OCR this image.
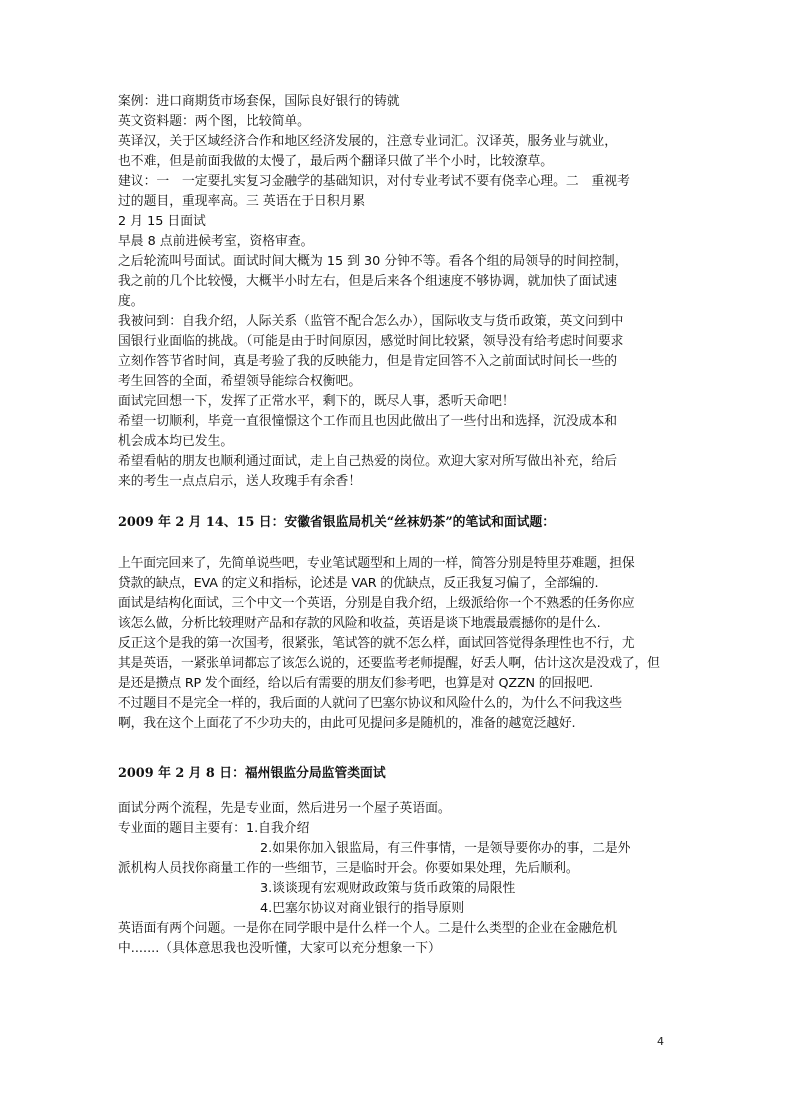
案例：进口商期货市场套保，国际良好银行的铸就
英文资料题：两个图，比较简单。
英译汉，关于区域经济合作和地区经济发展的，注意专业词汇。汉译英，服务业与就业，
也不难，但是前面我做的太慢了，最后两个翻译只做了半个小时，比较潦草。
建议：一　一定要扎实复习金融学的基础知识，对付专业考试不要有侥幸心理。二　重视考
过的题目，重现率高。三 英语在于日积月累
2 月 15 日面试
早晨 8 点前进候考室，资格审查。
之后轮流叫号面试。面试时间大概为 15 到 30 分钟不等。看各个组的局领导的时间控制，
我之前的几个比较慢，大概半小时左右，但是后来各个组速度不够协调，就加快了面试速
度。
我被问到：自我介绍，人际关系（监管不配合怎么办），国际收支与货币政策，英文问到中
国银行业面临的挑战。（可能是由于时间原因，感觉时间比较紧，领导没有给考虑时间要求
立刻作答节省时间，真是考验了我的反映能力，但是肯定回答不入之前面试时间长一些的
考生回答的全面，希望领导能综合权衡吧。
面试完回想一下，发挥了正常水平，剩下的，既尽人事，悉听天命吧！
希望一切顺利，毕竟一直很憧憬这个工作而且也因此做出了一些付出和选择，沉没成本和
机会成本均已发生。
希望看帖的朋友也顺利通过面试，走上自己热爱的岗位。欢迎大家对所写做出补充，给后
来的考生一点点启示，送人玫瑰手有余香！
2009 年 2 月 14、15 日：安徽省银监局机关“丝袜奶茶”的笔试和面试题：
上午面完回来了，先简单说些吧，专业笔试题型和上周的一样，简答分别是特里芬难题，担保
贷款的缺点，EVA 的定义和指标，论述是 VAR 的优缺点，反正我复习偏了，全部编的.
面试是结构化面试，三个中文一个英语，分别是自我介绍，上级派给你一个不熟悉的任务你应
该怎么做，分析比较理财产品和存款的风险和收益，英语是谈下地震最震撼你的是什么.
反正这个是我的第一次国考，很紧张，笔试答的就不怎么样，面试回答觉得条理性也不行，尤
其是英语，一紧张单词都忘了该怎么说的，还要监考老师提醒，好丢人啊，估计这次是没戏了，但
是还是攒点 RP 发个面经，给以后有需要的朋友们参考吧，也算是对 QZZN 的回报吧.
不过题目不是完全一样的，我后面的人就问了巴塞尔协议和风险什么的，为什么不问我这些
啊，我在这个上面花了不少功夫的，由此可见提问多是随机的，准备的越宽泛越好.
2009 年 2 月 8 日：福州银监分局监管类面试
面试分两个流程，先是专业面，然后进另一个屋子英语面。
专业面的题目主要有：1.自我介绍
2.如果你加入银监局，有三件事情，一是领导要你办的事，二是外
派机构人员找你商量工作的一些细节，三是临时开会。你要如果处理，先后顺利。
3.谈谈现有宏观财政政策与货币政策的局限性
4.巴塞尔协议对商业银行的指导原则
英语面有两个问题。一是你在同学眼中是什么样一个人。二是什么类型的企业在金融危机
中.......（具体意思我也没听懂，大家可以充分想象一下）
4
